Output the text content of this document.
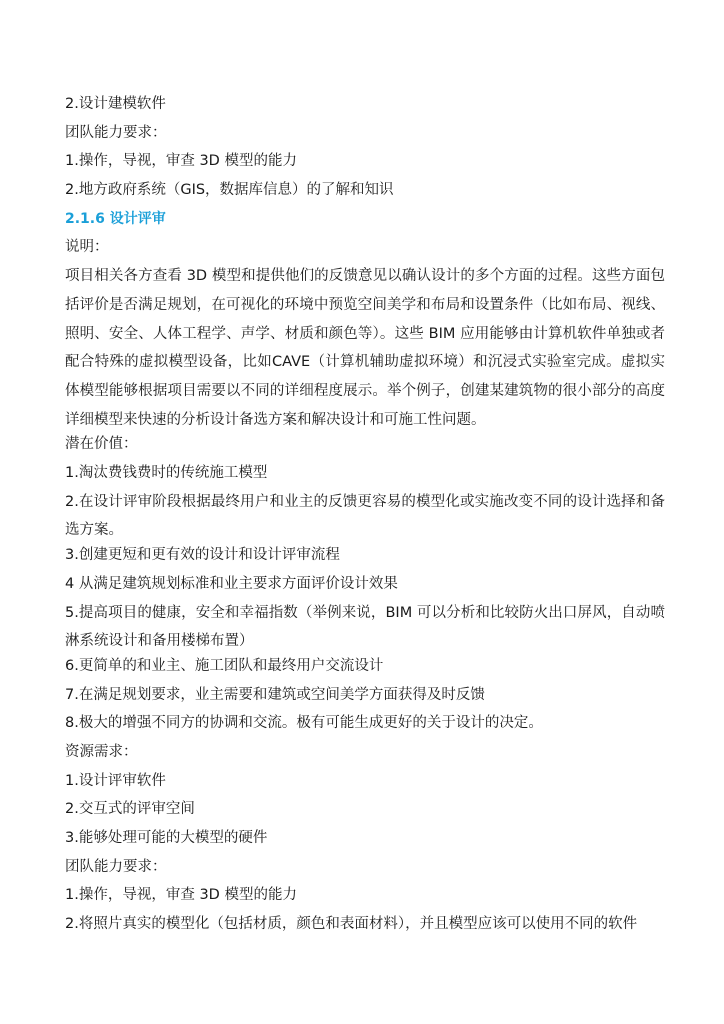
2.设计建模软件
团队能力要求：
1.操作，导视，审查 3D 模型的能力
2.地方政府系统（GIS，数据库信息）的了解和知识
2.1.6 设计评审
说明：
项目相关各方查看 3D 模型和提供他们的反馈意见以确认设计的多个方面的过程。这些方面包括评价是否满足规划，在可视化的环境中预览空间美学和布局和设置条件（比如布局、视线、照明、安全、人体工程学、声学、材质和颜色等）。这些 BIM 应用能够由计算机软件单独或者配合特殊的虚拟模型设备，比如CAVE（计算机辅助虚拟环境）和沉浸式实验室完成。虚拟实体模型能够根据项目需要以不同的详细程度展示。举个例子，创建某建筑物的很小部分的高度详细模型来快速的分析设计备选方案和解决设计和可施工性问题。
潜在价值：
1.淘汰费钱费时的传统施工模型
2.在设计评审阶段根据最终用户和业主的反馈更容易的模型化或实施改变不同的设计选择和备选方案。
3.创建更短和更有效的设计和设计评审流程
4 从满足建筑规划标准和业主要求方面评价设计效果
5.提高项目的健康，安全和幸福指数（举例来说，BIM 可以分析和比较防火出口屏风，自动喷淋系统设计和备用楼梯布置）
6.更简单的和业主、施工团队和最终用户交流设计
7.在满足规划要求，业主需要和建筑或空间美学方面获得及时反馈
8.极大的增强不同方的协调和交流。极有可能生成更好的关于设计的决定。
资源需求：
1.设计评审软件
2.交互式的评审空间
3.能够处理可能的大模型的硬件
团队能力要求：
1.操作，导视，审查 3D 模型的能力
2.将照片真实的模型化（包括材质，颜色和表面材料），并且模型应该可以使用不同的软件
